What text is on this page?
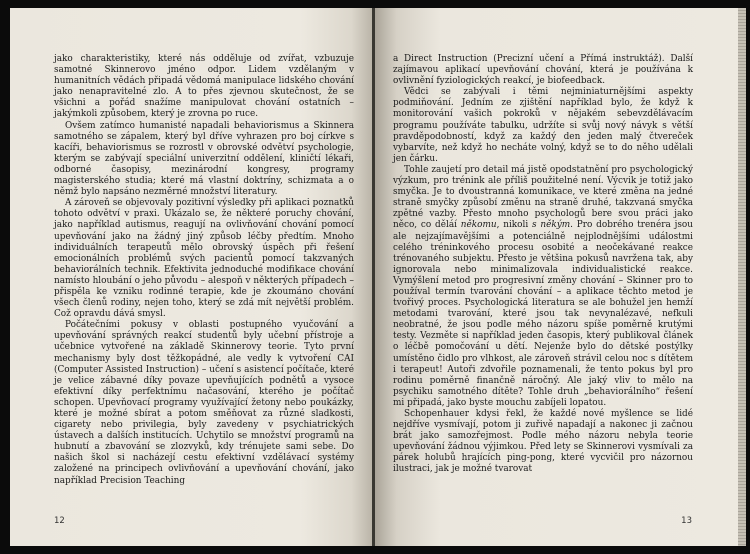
jako charakteristiky, které nás odděluje od zvířat, vzbuzuje samotné Skinnerovo jméno odpor. Lidem vzdělaným v humanitních vědách připadá vědomá manipulace lidského chování jako nenapravitelné zlo. A to přes zjevnou skutečnost, že se všichni a pořád snažíme manipulovat chování ostatních – jakýmkoli způsobem, který je zrovna po ruce.

Ovšem zatímco humanisté napadali behaviorismus a Skinnera samotného se zápalem, který byl dříve vyhrazen pro boj církve s kacíři, behaviorismus se rozrostl v obrovské odvětví psychologie, kterým se zabývají speciální univerzitní oddělení, kliničtí lékaři, odborné časopisy, mezinárodní kongresy, programy magisterského studia; které má vlastní doktríny, schizmata a o němž bylo napsáno nezměrné množství literatury.

A zároveň se objevovaly pozitivní výsledky při aplikaci poznatků tohoto odvětví v praxi. Ukázalo se, že některé poruchy chování, jako například autismus, reagují na ovlivňování chování pomocí upevňování jako na žádný jiný způsob léčby předtím. Mnoho individuálních terapeutů mělo obrovský úspěch při řešení emocionálních problémů svých pacientů pomocí takzvaných behaviorálních technik. Efektivita jednoduché modifikace chování namísto hloubání o jeho původu – alespoň v některých případech – přispěla ke vzniku rodinné terapie, kde je zkoumáno chování všech členů rodiny, nejen toho, který se zdá mít největší problém. Což opravdu dává smysl.

Počátečními pokusy v oblasti postupného vyučování a upevňování správných reakcí studentů byly učební přístroje a učebnice vytvořené na základě Skinnerovy teorie. Tyto první mechanismy byly dost těžkopádné, ale vedly k vytvoření CAI (Computer Assisted Instruction) – učení s asistencí počítače, které je velice zábavné díky povaze upevňujících podnětů a vysoce efektivní díky perfektnímu načasování, kterého je počítač schopen. Upevňovací programy využívající žetony nebo poukázky, které je možné sbírat a potom směňovat za různé sladkosti, cigarety nebo privilegia, byly zavedeny v psychiatrických ústavech a dalších institucích. Uchytilo se množství programů na hubnutí a zbavování se zlozvyků, kdy trénujete sami sebe. Do našich škol si nacházejí cestu efektivní vzdělávací systémy založené na principech ovlivňování a upevňování chování, jako například Precision Teaching

12

a Direct Instruction (Precizní učení a Přímá instruktáž). Další zajímavou aplikací upevňování chování, která je používána k ovlivnění fyziologických reakcí, je biofeedback.

Vědci se zabývali i těmi nejminiaturnějšími aspekty podmiňování. Jedním ze zjištění například bylo, že když k monitorování vašich pokroků v nějakém sebevzdělávacím programu používáte tabulku, udržíte si svůj nový návyk s větší pravděpodobností, když za každý den jeden malý čtvereček vybarvíte, než když ho necháte volný, když se to do něho udělali jen čárku.

Tohle zaujetí pro detail má jistě opodstatnění pro psychologický výzkum, pro trénink ale příliš použitelné není. Výcvik je totiž jako smyčka. Je to dvoustranná komunikace, ve které změna na jedné straně smyčky způsobí změnu na straně druhé, takzvaná smyčka zpětné vazby. Přesto mnoho psychologů bere svou práci jako něco, co děláí někomu, nikoli s někým. Pro dobrého trenéra jsou ale nejzajímavějšími a potenciálně nejplodnějšími událostmi celého tréninkového procesu osobité a neočekávané reakce trénovaného subjektu. Přesto je většina pokusů navržena tak, aby ignorovala nebo minimalizovala individualistické reakce. Vymýšlení metod pro progresivní změny chování – Skinner pro to používal termín tvarování chování – a aplikace těchto metod je tvořivý proces. Psychologická literatura se ale bohužel jen hemží metodami tvarování, které jsou tak nevynalézavé, nefkuli neobratné, že jsou podle mého názoru spíše poměrně krutými testy. Vezměte si například jeden časopis, který publikoval článek o léčbě pomočování u dětí. Nejenže bylo do dětské postýlky umístěno čidlo pro vlhkost, ale zároveň strávil celou noc s dítětem i terapeut! Autoři zdvořile poznamenali, že tento pokus byl pro rodinu poměrně finančně náročný. Ale jaký vliv to mělo na psychiku samotného dítěte? Tohle druh „behaviorálního“ řešení mi připadá, jako byste mouchu zabíjeli lopatou.

Schopenhauer kdysi řekl, že každé nové myšlence se lidé nejdříve vysmívají, potom ji zuřivě napadají a nakonec ji začnou brát jako samozřejmost. Podle mého názoru nebyla teorie upevňování žádnou výjimkou. Před lety se Skinnerovi vysmívali za párek holubů hrajících ping-pong, které vycvičil pro názornou ilustraci, jak je možné tvarovat

13
